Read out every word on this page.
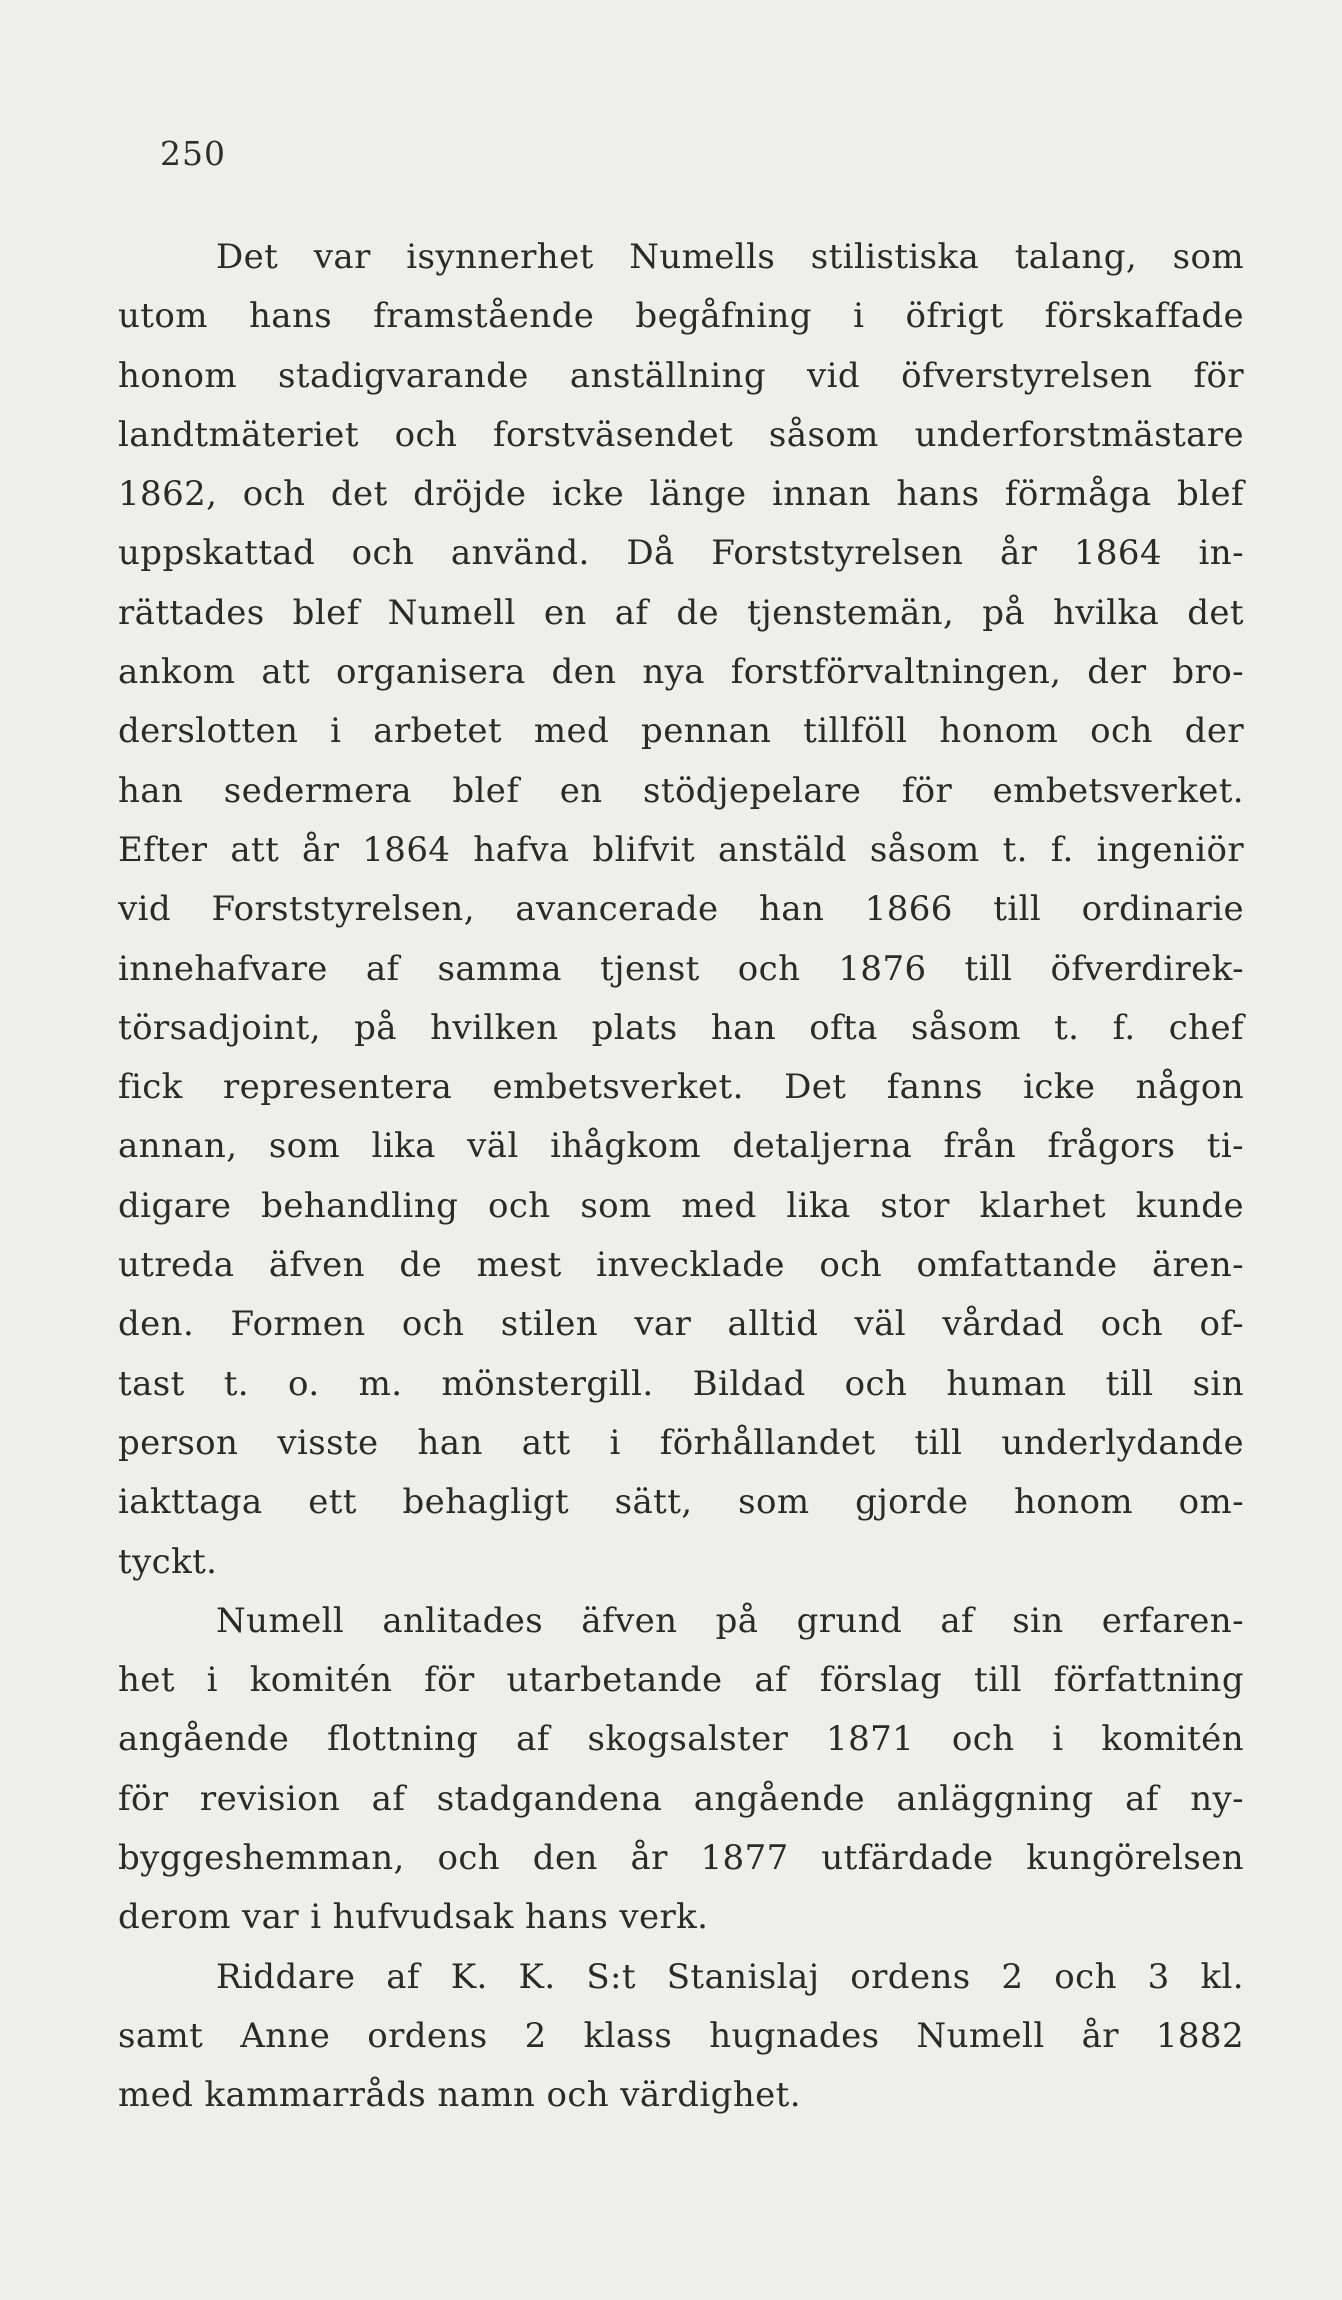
250
Det var isynnerhet Numells stilistiska talang, som
utom hans framstående begåfning i öfrigt förskaffade
honom stadigvarande anställning vid öfverstyrelsen för
landtmäteriet och forstväsendet såsom underforstmästare
1862, och det dröjde icke länge innan hans förmåga blef
uppskattad och använd. Då Forststyrelsen år 1864 in-
rättades blef Numell en af de tjenstemän, på hvilka det
ankom att organisera den nya forstförvaltningen, der bro-
derslotten i arbetet med pennan tillföll honom och der
han sedermera blef en stödjepelare för embetsverket.
Efter att år 1864 hafva blifvit anstäld såsom t. f. ingeniör
vid Forststyrelsen, avancerade han 1866 till ordinarie
innehafvare af samma tjenst och 1876 till öfverdirek-
törsadjoint, på hvilken plats han ofta såsom t. f. chef
fick representera embetsverket. Det fanns icke någon
annan, som lika väl ihågkom detaljerna från frågors ti-
digare behandling och som med lika stor klarhet kunde
utreda äfven de mest invecklade och omfattande ären-
den. Formen och stilen var alltid väl vårdad och of-
tast t. o. m. mönstergill. Bildad och human till sin
person visste han att i förhållandet till underlydande
iakttaga ett behagligt sätt, som gjorde honom om-
tyckt.
Numell anlitades äfven på grund af sin erfaren-
het i komitén för utarbetande af förslag till författning
angående flottning af skogsalster 1871 och i komitén
för revision af stadgandena angående anläggning af ny-
byggeshemman, och den år 1877 utfärdade kungörelsen
derom var i hufvudsak hans verk.
Riddare af K. K. S:t Stanislaj ordens 2 och 3 kl.
samt Anne ordens 2 klass hugnades Numell år 1882
med kammarråds namn och värdighet.
